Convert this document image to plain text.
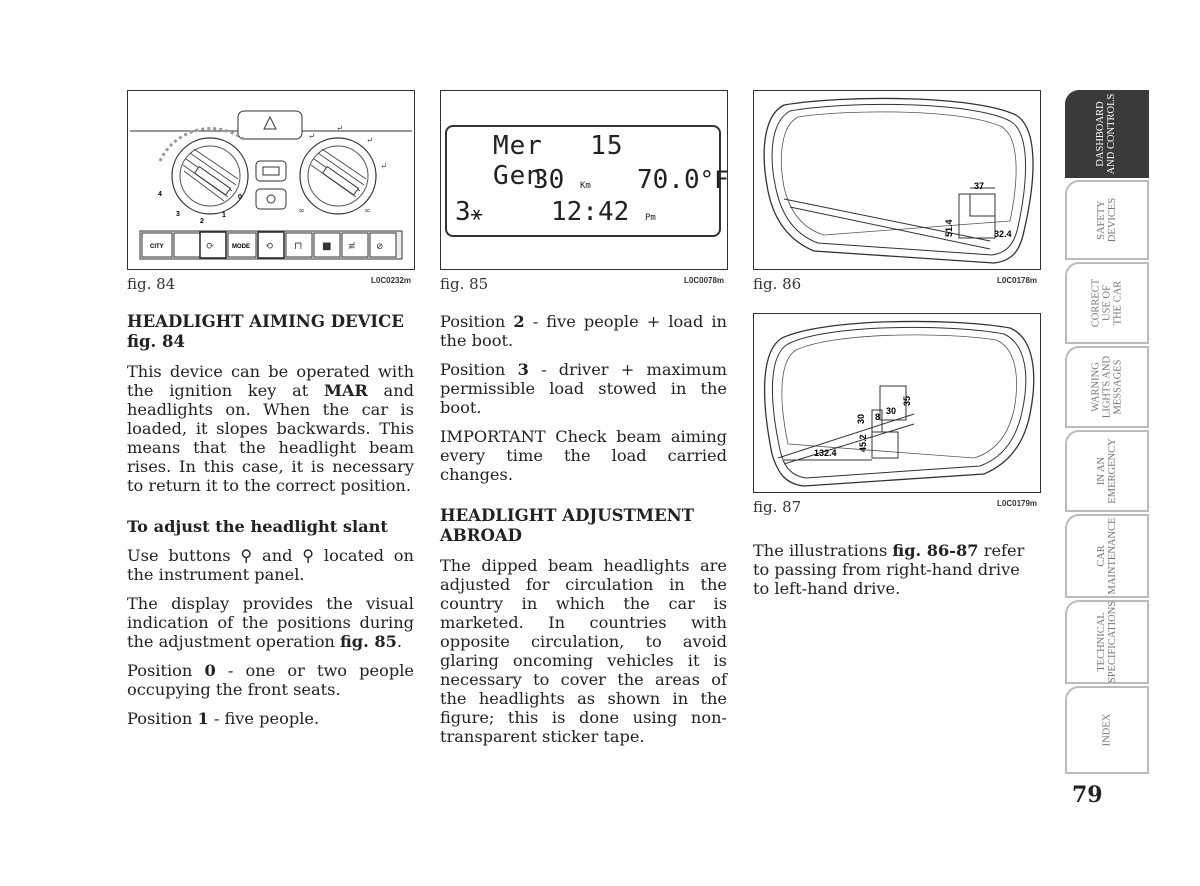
4
3
2
1
0
⤶
⤶
⤶
⤶
∞	∞
CITY	MODE
⟳	⟲ ⊓ ■ ≢ ⊘
fig. 84	L0C0232m
Mer 15  Gen
30 Km 70.0°F
3⚹	12:42 Pm
fig. 85	L0C0078m
37
51.4	32.4
fig. 86	L0C0178m
35
30
8
30
45.2
132.4
fig. 87	L0C0179m
HEADLIGHT AIMING DEVICE
fig. 84

This device can be operated with the ignition key at MAR and headlights on. When the car is loaded, it slopes backwards. This means that the headlight beam rises. In this case, it is necessary to return it to the correct position.

To adjust the headlight slant

Use buttons ⚲ and ⚲ located on the instrument panel.

The display provides the visual indication of the positions during the adjustment operation fig. 85.

Position 0 - one or two people occupying the front seats.

Position 1 - five people.

Position 2 - five people + load in the boot.

Position 3 - driver + maximum permissible load stowed in the boot.

IMPORTANT Check beam aiming every time the load carried changes.

HEADLIGHT ADJUSTMENT ABROAD

The dipped beam headlights are adjusted for circulation in the country in which the car is marketed. In countries with opposite circulation, to avoid glaring oncoming vehicles it is necessary to cover the areas of the headlights as shown in the figure; this is done using non-transparent sticker tape.

The illustrations fig. 86-87 refer to passing from right-hand drive to left-hand drive.

DASHBOARD
AND CONTROLS
SAFETY
DEVICES
CORRECT
USE OF
THE CAR
WARNING
LIGHTS AND
MESSAGES
IN AN
EMERGENCY
CAR
MAINTENANCE
TECHNICAL
SPECIFICATIONS
INDEX
79
